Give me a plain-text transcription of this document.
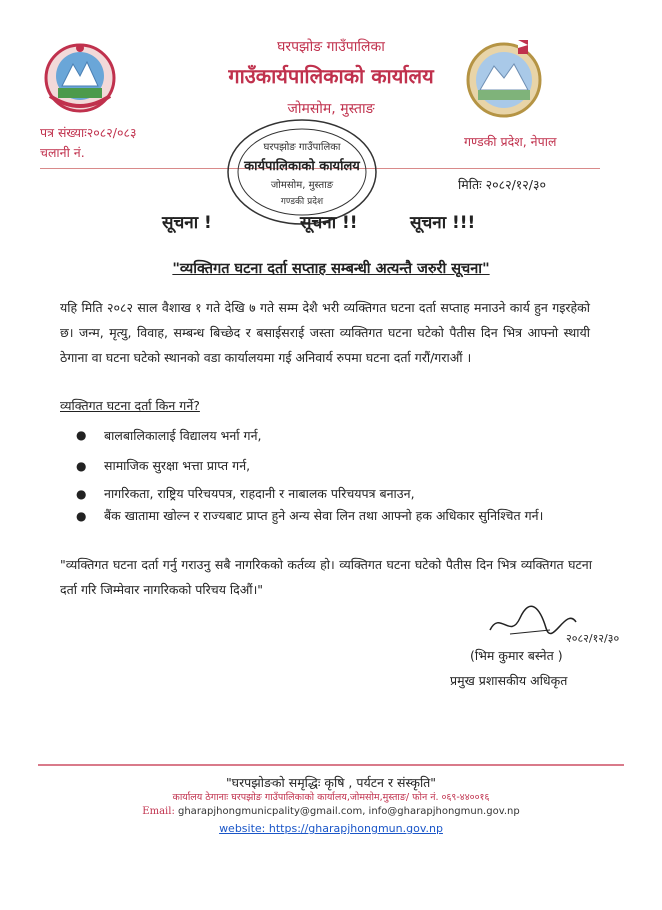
घरपझोङ गाउँपालिका
गाउँकार्यपालिकाको कार्यालय
जोमसोम, मुस्ताङ
पत्र संख्याः२०८२/०८३
चलानी नं.
गण्डकी प्रदेश, नेपाल
मितिः २०८२/१२/३०
घरपझोङ गाउँपालिका
कार्यपालिकाको कार्यालय
जोमसोम, मुस्ताङ
गण्डकी प्रदेश
सूचना !	सूचना !!	सूचना !!!
"व्यक्तिगत घटना दर्ता सप्ताह सम्बन्धी अत्यन्तै जरुरी सूचना"
यहि मिति २०८२ साल वैशाख १ गते देखि ७ गते सम्म देशै भरी व्यक्तिगत घटना दर्ता सप्ताह मनाउने कार्य हुन गइरहेको छ। जन्म, मृत्यु, विवाह, सम्बन्ध बिच्छेद र बसाईसराई जस्ता व्यक्तिगत घटना घटेको पैतीस दिन भित्र आफ्नो स्थायी ठेगाना वा घटना घटेको स्थानको वडा कार्यालयमा गई अनिवार्य रुपमा घटना दर्ता गरौं/गराऔं ।
व्यक्तिगत घटना दर्ता किन गर्ने?
● बालबालिकालाई विद्यालय भर्ना गर्न,
● सामाजिक सुरक्षा भत्ता प्राप्त गर्न,
● नागरिकता, राष्ट्रिय परिचयपत्र, राहदानी र नाबालक परिचयपत्र बनाउन,
● बैंक खातामा खोल्न र राज्यबाट प्राप्त हुने अन्य सेवा लिन तथा आफ्नो हक अधिकार सुनिश्चित गर्न।
"व्यक्तिगत घटना दर्ता गर्नु गराउनु सबै नागरिकको कर्तव्य हो। व्यक्तिगत घटना घटेको पैतीस दिन भित्र व्यक्तिगत घटना दर्ता गरि जिम्मेवार नागरिकको परिचय दिऔं।"
२०८२/१२/३०
(भिम कुमार बस्नेत )
प्रमुख प्रशासकीय अधिकृत
"घरपझोङको समृद्धिः कृषि , पर्यटन र संस्कृति"
कार्यालय ठेगानाः घरपझोङ गाउँपालिकाको कार्यालय,जोमसोम,मुस्ताङ/ फोन नं. ०६९-४४००१६
Email: gharapjhongmunicpality@gmail.com, info@gharapjhongmun.gov.np
website: https://gharapjhongmun.gov.np
